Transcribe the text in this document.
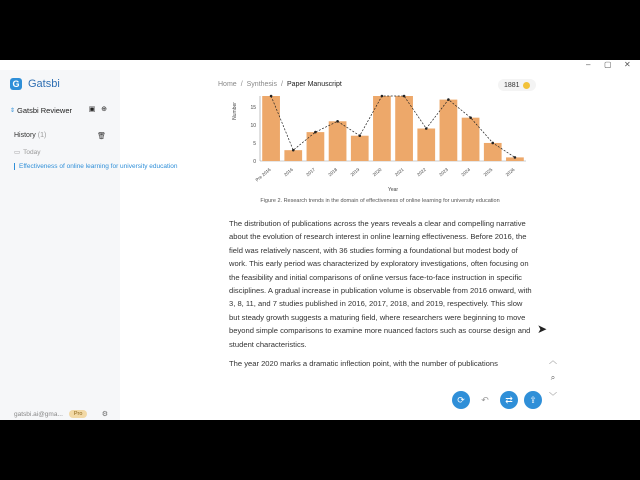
– ▢ ✕
G Gatsbi
⇕ Gatsbi Reviewer	▣ ⊕
History (1)	🗑
▭ Today
Effectiveness of online learning for university education
gatsbi.ai@gma...	Pro	⚙
Home / Synthesis / Paper Manuscript	1881
0
5
10
15
Number
Pre 2016	2016	2017	2018	2019	2020	2021	2022	2023	2024	2025	2026
Year
Figure 2. Research trends in the domain of effectiveness of online learning for university education

The distribution of publications across the years reveals a clear and compelling narrative about the evolution of research interest in online learning effectiveness. Before 2016, the field was relatively nascent, with 36 studies forming a foundational but modest body of work. This early period was characterized by exploratory investigations, often focusing on the feasibility and initial comparisons of online versus face-to-face instruction in specific disciplines. A gradual increase in publication volume is observable from 2016 onward, with 3, 8, 11, and 7 studies published in 2016, 2017, 2018, and 2019, respectively. This slow but steady growth suggests a maturing field, where researchers were beginning to move beyond simple comparisons to examine more nuanced factors such as course design and student characteristics.

The year 2020 marks a dramatic inflection point, with the number of publications	︿
⌕
﹀
⟳	↶	⇄	⇪
➤
